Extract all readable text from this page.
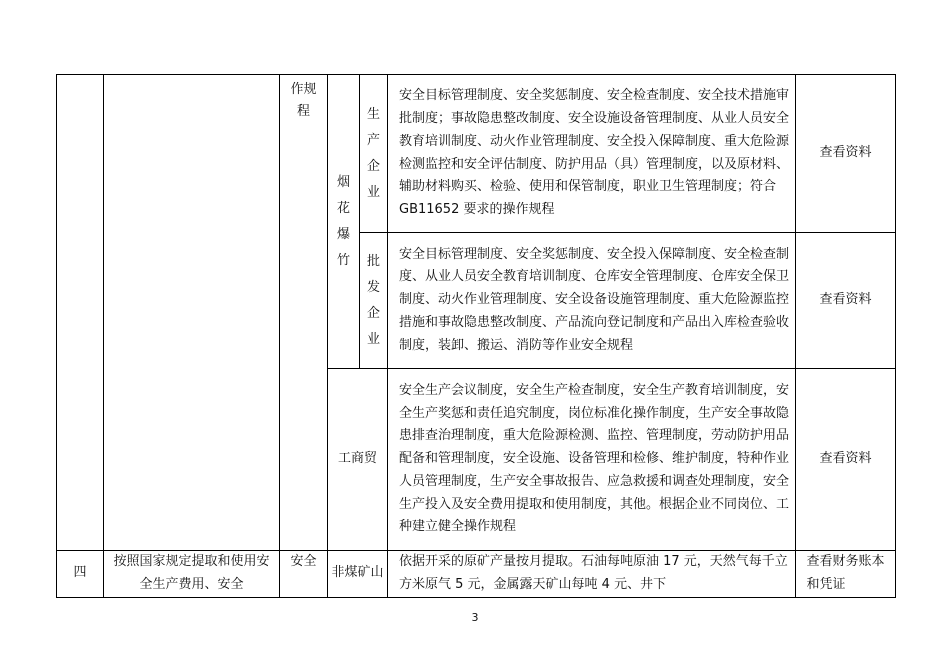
		作规程	烟花爆竹	生产企业	安全目标管理制度、安全奖惩制度、安全检查制度、安全技术措施审批制度；事故隐患整改制度、安全设施设备管理制度、从业人员安全教育培训制度、动火作业管理制度、安全投入保障制度、重大危险源检测监控和安全评估制度、防护用品（具）管理制度，以及原材料、辅助材料购买、检验、使用和保管制度，职业卫生管理制度；符合 GB11652 要求的操作规程	查看资料
				批发企业	安全目标管理制度、安全奖惩制度、安全投入保障制度、安全检查制度、从业人员安全教育培训制度、仓库安全管理制度、仓库安全保卫制度、动火作业管理制度、安全设备设施管理制度、重大危险源监控措施和事故隐患整改制度、产品流向登记制度和产品出入库检查验收制度，装卸、搬运、消防等作业安全规程	查看资料
			工商贸		安全生产会议制度，安全生产检查制度，安全生产教育培训制度，安全生产奖惩和责任追究制度，岗位标准化操作制度，生产安全事故隐患排查治理制度，重大危险源检测、监控、管理制度，劳动防护用品配备和管理制度，安全设施、设备管理和检修、维护制度，特种作业人员管理制度，生产安全事故报告、应急救援和调查处理制度，安全生产投入及安全费用提取和使用制度，其他。根据企业不同岗位、工种建立健全操作规程	查看资料
四	按照国家规定提取和使用安全生产费用、安全	安全	非煤矿山		依据开采的原矿产量按月提取。石油每吨原油 17 元，天然气每千立方米原气 5 元，金属露天矿山每吨 4 元、井下	查看财务账本和凭证
3
